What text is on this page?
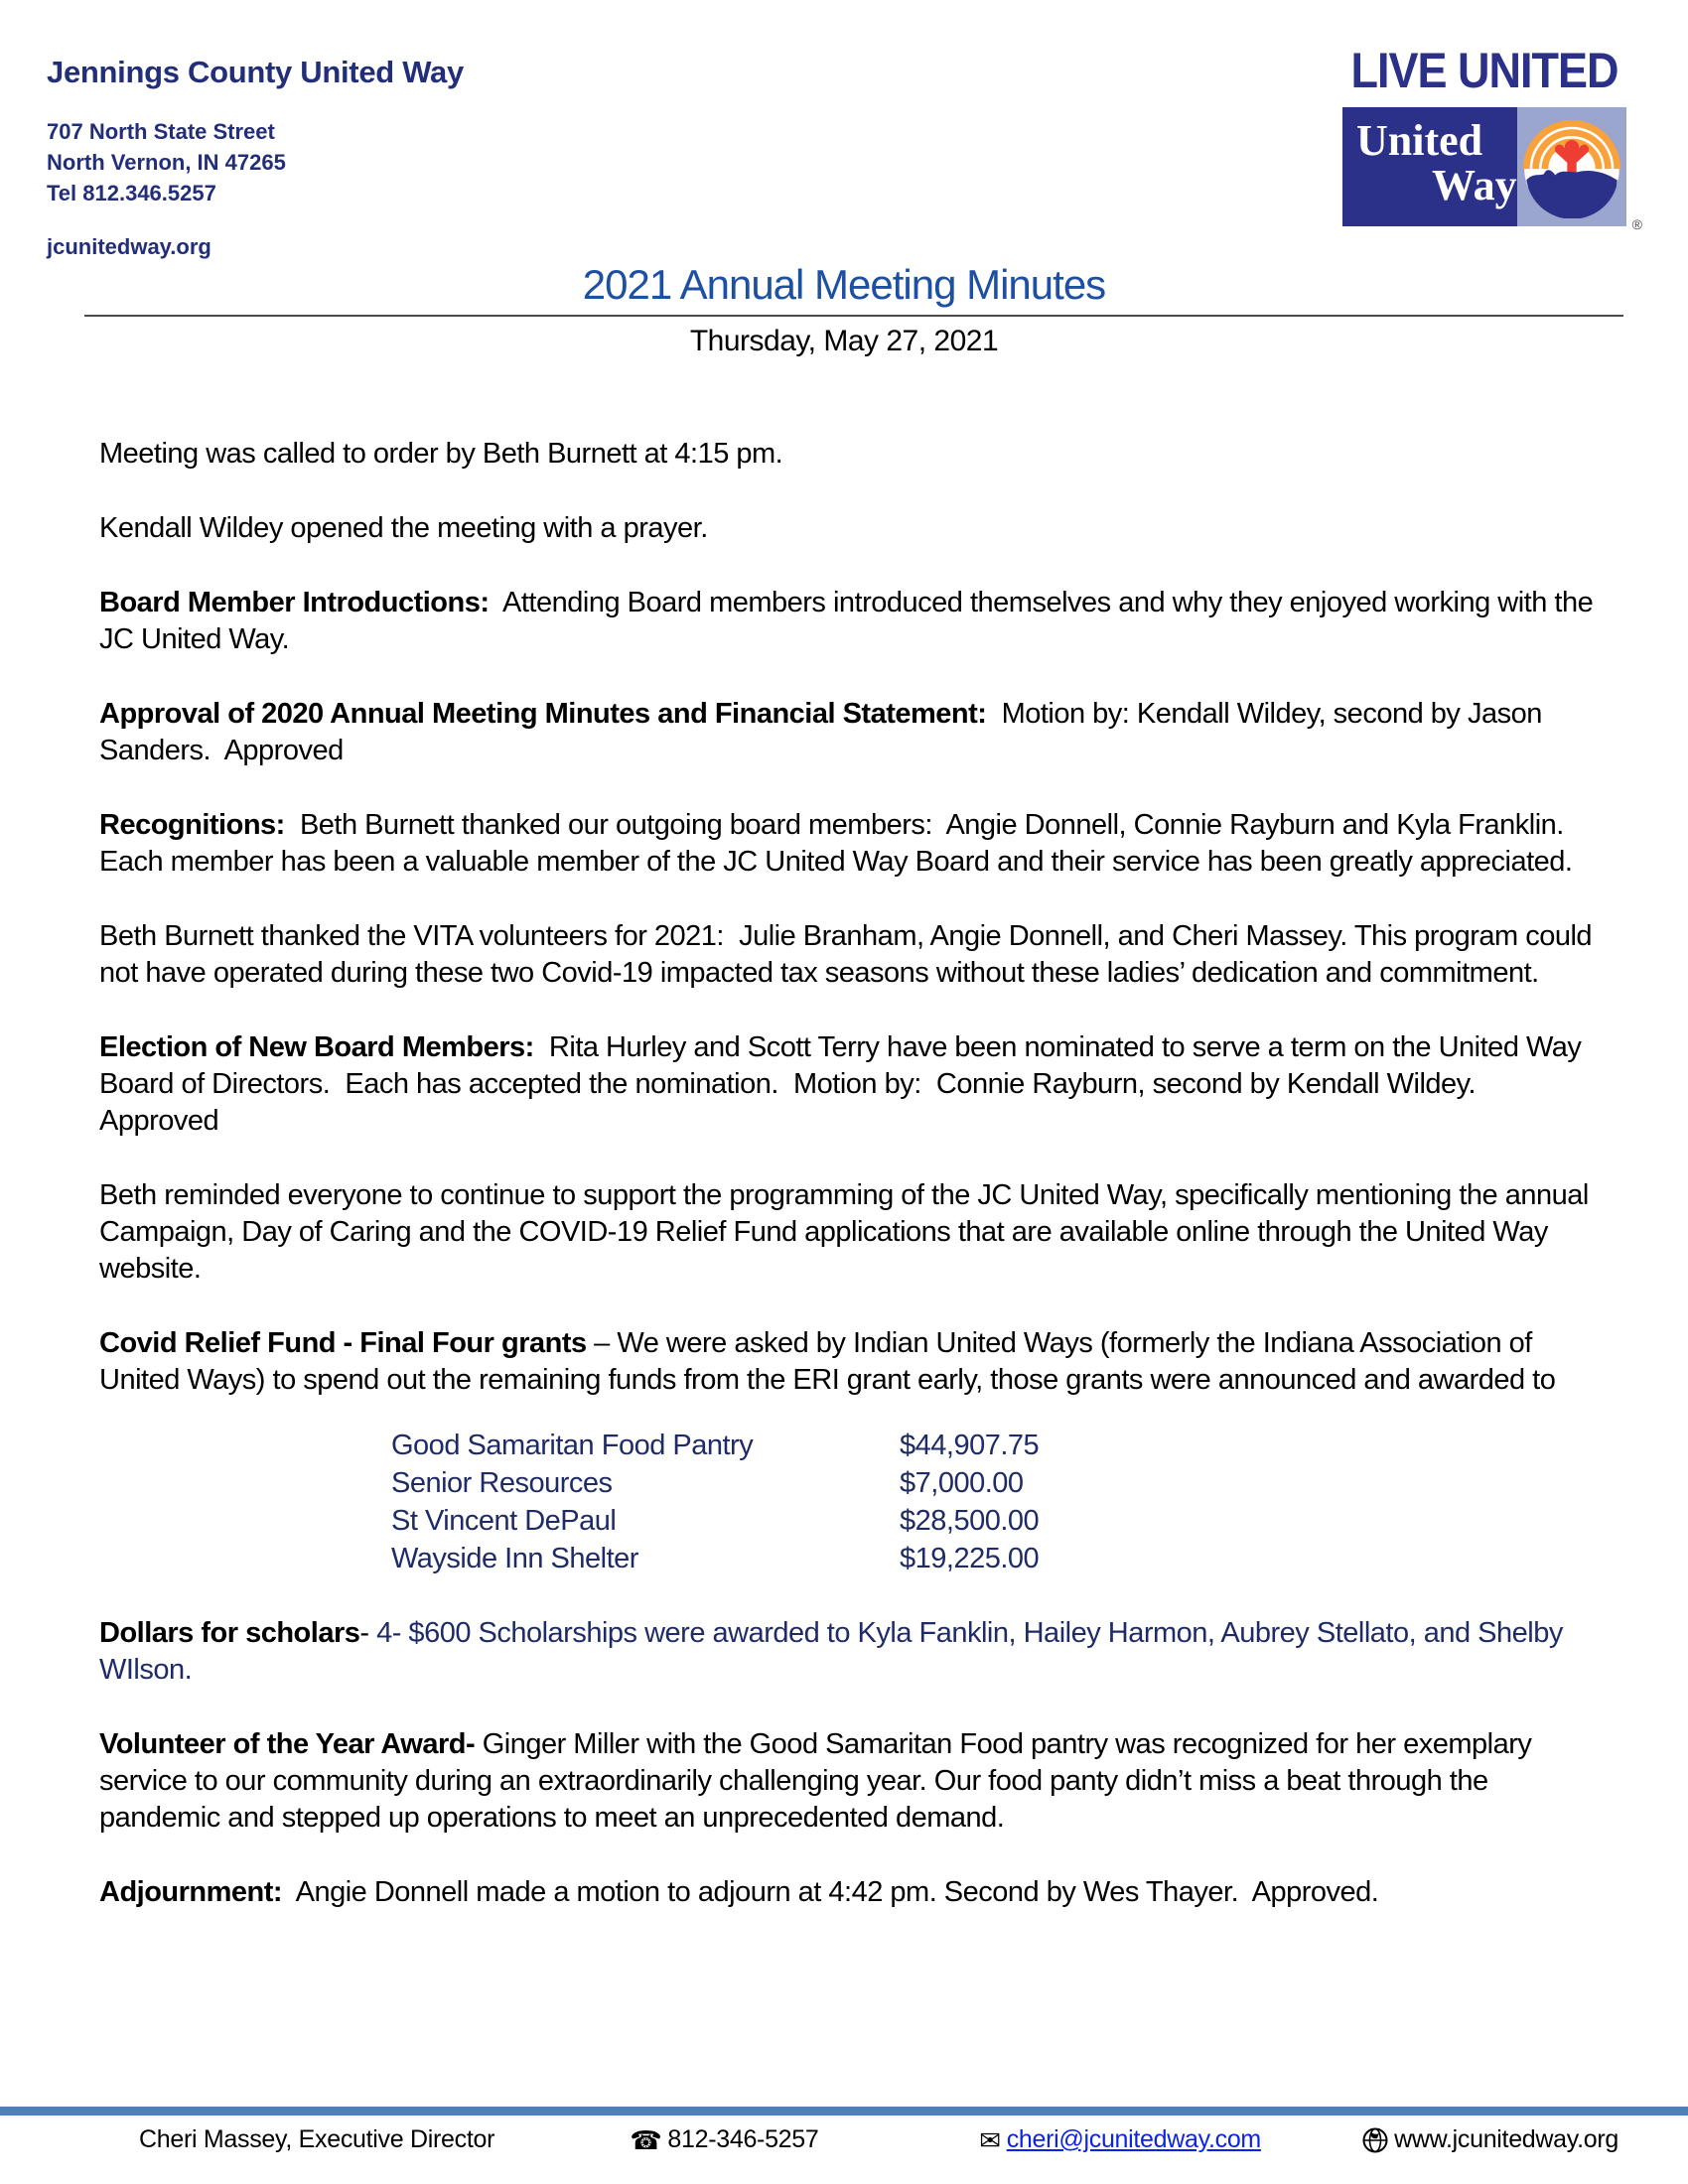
Jennings County United Way
707 North State Street
North Vernon, IN 47265
Tel 812.346.5257
jcunitedway.org
LIVE UNITED
United
Way
®
2021 Annual Meeting Minutes
Thursday, May 27, 2021

Meeting was called to order by Beth Burnett at 4:15 pm.

Kendall Wildey opened the meeting with a prayer.

Board Member Introductions:  Attending Board members introduced themselves and why they enjoyed working with the JC United Way.

Approval of 2020 Annual Meeting Minutes and Financial Statement:  Motion by: Kendall Wildey, second by Jason Sanders.  Approved

Recognitions:  Beth Burnett thanked our outgoing board members:  Angie Donnell, Connie Rayburn and Kyla Franklin.  Each member has been a valuable member of the JC United Way Board and their service has been greatly appreciated.

Beth Burnett thanked the VITA volunteers for 2021:  Julie Branham, Angie Donnell, and Cheri Massey. This program could not have operated during these two Covid-19 impacted tax seasons without these ladies’ dedication and commitment.

Election of New Board Members:  Rita Hurley and Scott Terry have been nominated to serve a term on the United Way Board of Directors.  Each has accepted the nomination.  Motion by:  Connie Rayburn, second by Kendall Wildey. Approved

Beth reminded everyone to continue to support the programming of the JC United Way, specifically mentioning the annual Campaign, Day of Caring and the COVID-19 Relief Fund applications that are available online through the United Way website.

Covid Relief Fund - Final Four grants – We were asked by Indian United Ways (formerly the Indiana Association of United Ways) to spend out the remaining funds from the ERI grant early, those grants were announced and awarded to

Good Samaritan Food Pantry	$44,907.75
Senior Resources	$7,000.00
St Vincent DePaul	$28,500.00
Wayside Inn Shelter	$19,225.00

Dollars for scholars- 4- $600 Scholarships were awarded to Kyla Fanklin, Hailey Harmon, Aubrey Stellato, and Shelby WIlson.

Volunteer of the Year Award- Ginger Miller with the Good Samaritan Food pantry was recognized for her exemplary service to our community during an extraordinarily challenging year. Our food panty didn’t miss a beat through the pandemic and stepped up operations to meet an unprecedented demand.

Adjournment:  Angie Donnell made a motion to adjourn at 4:42 pm. Second by Wes Thayer.  Approved.

Cheri Massey, Executive Director	☎ 812-346-5257	✉ cheri@jcunitedway.com	www.jcunitedway.org
